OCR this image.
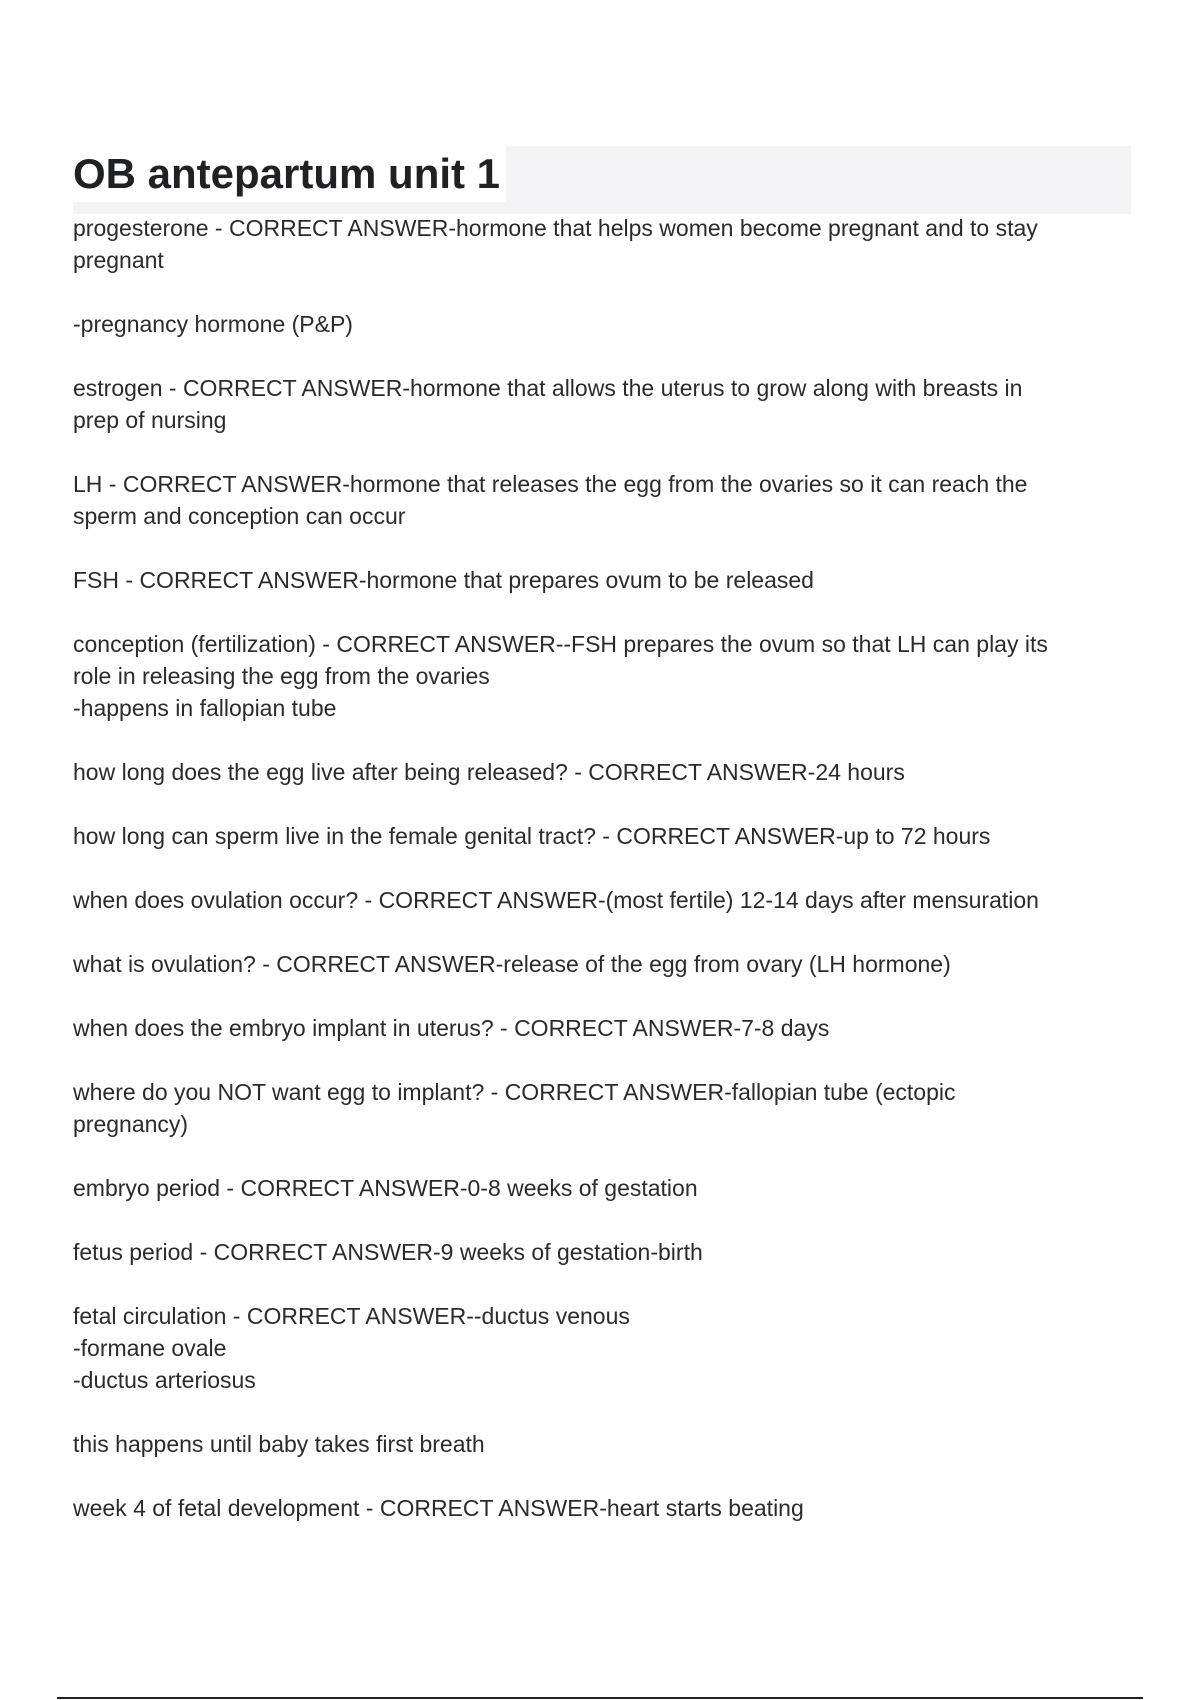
OB antepartum unit 1
progesterone - CORRECT ANSWER-hormone that helps women become pregnant and to stay
pregnant
-pregnancy hormone (P&P)
estrogen - CORRECT ANSWER-hormone that allows the uterus to grow along with breasts in
prep of nursing
LH - CORRECT ANSWER-hormone that releases the egg from the ovaries so it can reach the
sperm and conception can occur
FSH - CORRECT ANSWER-hormone that prepares ovum to be released
conception (fertilization) - CORRECT ANSWER--FSH prepares the ovum so that LH can play its
role in releasing the egg from the ovaries
-happens in fallopian tube
how long does the egg live after being released? - CORRECT ANSWER-24 hours
how long can sperm live in the female genital tract? - CORRECT ANSWER-up to 72 hours
when does ovulation occur? - CORRECT ANSWER-(most fertile) 12-14 days after mensuration
what is ovulation? - CORRECT ANSWER-release of the egg from ovary (LH hormone)
when does the embryo implant in uterus? - CORRECT ANSWER-7-8 days
where do you NOT want egg to implant? - CORRECT ANSWER-fallopian tube (ectopic
pregnancy)
embryo period - CORRECT ANSWER-0-8 weeks of gestation
fetus period - CORRECT ANSWER-9 weeks of gestation-birth
fetal circulation - CORRECT ANSWER--ductus venous
-formane ovale
-ductus arteriosus
this happens until baby takes first breath
week 4 of fetal development - CORRECT ANSWER-heart starts beating
